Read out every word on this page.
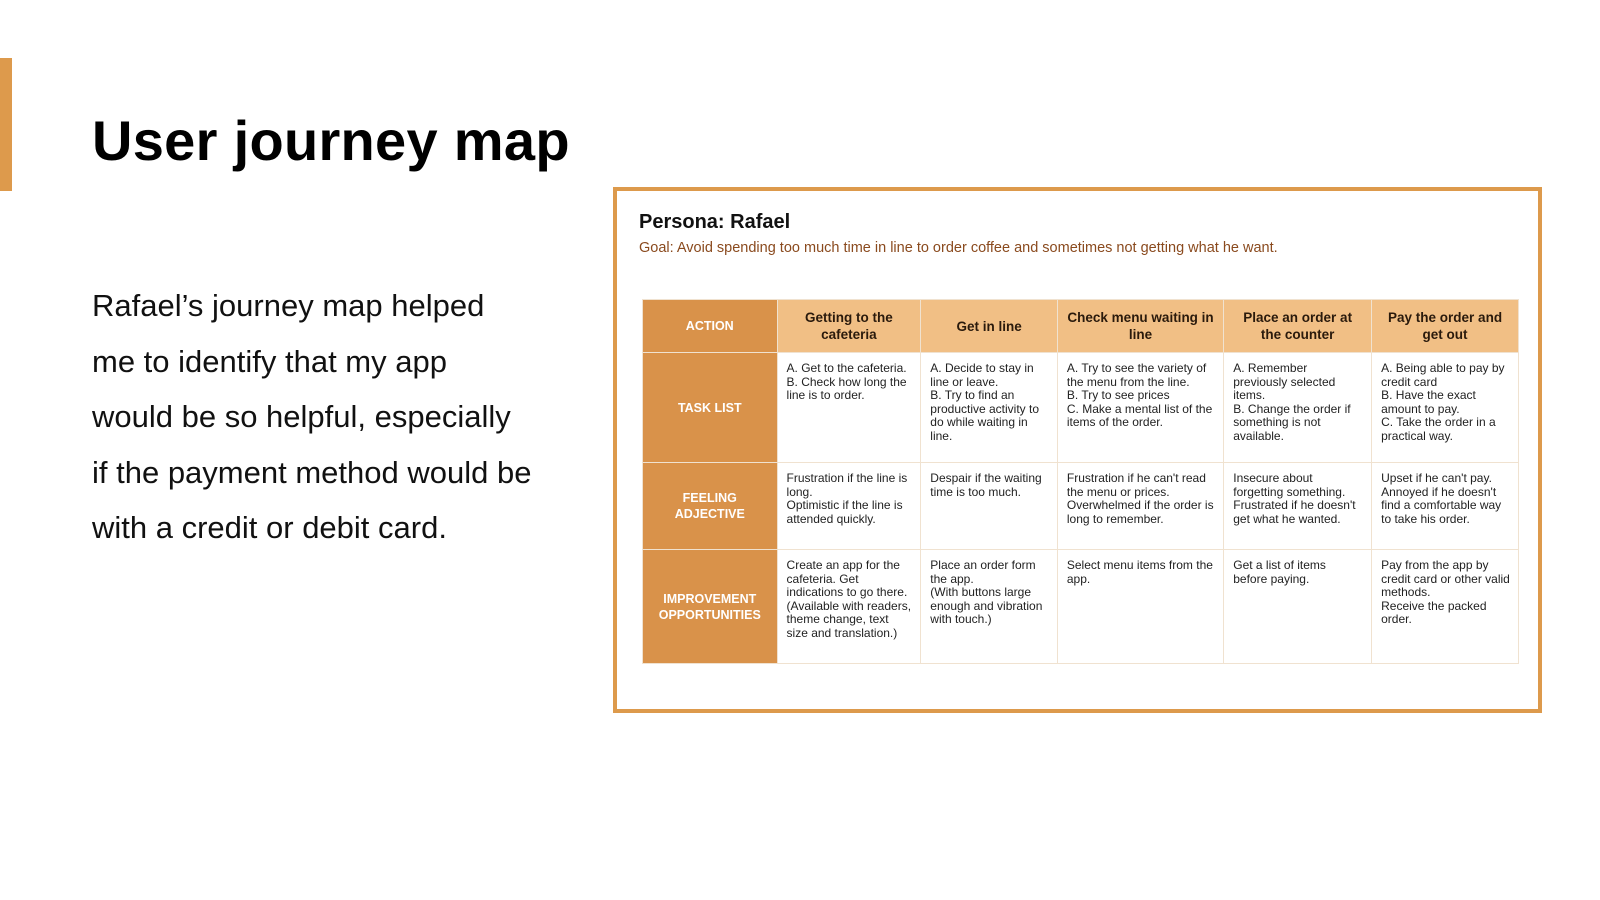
User journey map

Rafael’s journey map helped me to identify that my app would be so helpful, especially if the payment method would be with a credit or debit card.

Persona: Rafael

Goal: Avoid spending too much time in line to order coffee and sometimes not getting what he want.

ACTION	Getting to the cafeteria	Get in line	Check menu waiting in line	Place an order at the counter	Pay the order and get out
TASK LIST	A. Get to the cafeteria.
B. Check how long the line is to order.	A. Decide to stay in line or leave.
B. Try to find an productive activity to do while waiting in line.	A. Try to see the variety of the menu from the line.
B. Try to see prices
C. Make a mental list of the items of the order.	A. Remember previously selected items.
B. Change the order if something is not available.	A. Being able to pay by credit card
B. Have the exact amount to pay.
C. Take the order in a practical way.
FEELING ADJECTIVE	Frustration if the line is long.
Optimistic if the line is attended quickly.	Despair if the waiting time is too much.	Frustration if he can't read the menu or prices.
Overwhelmed if the order is long to remember.	Insecure about forgetting something.
Frustrated if he doesn't get what he wanted.	Upset if he can't pay.
Annoyed if he doesn't find a comfortable way to take his order.
IMPROVEMENT OPPORTUNITIES	Create an app for the cafeteria. Get indications to go there. (Available with readers, theme change, text size and translation.)	Place an order form the app.
(With buttons large enough and vibration with touch.)	Select menu items from the app.	Get a list of items before paying.	Pay from the app by credit card or other valid methods.
Receive the packed order.
